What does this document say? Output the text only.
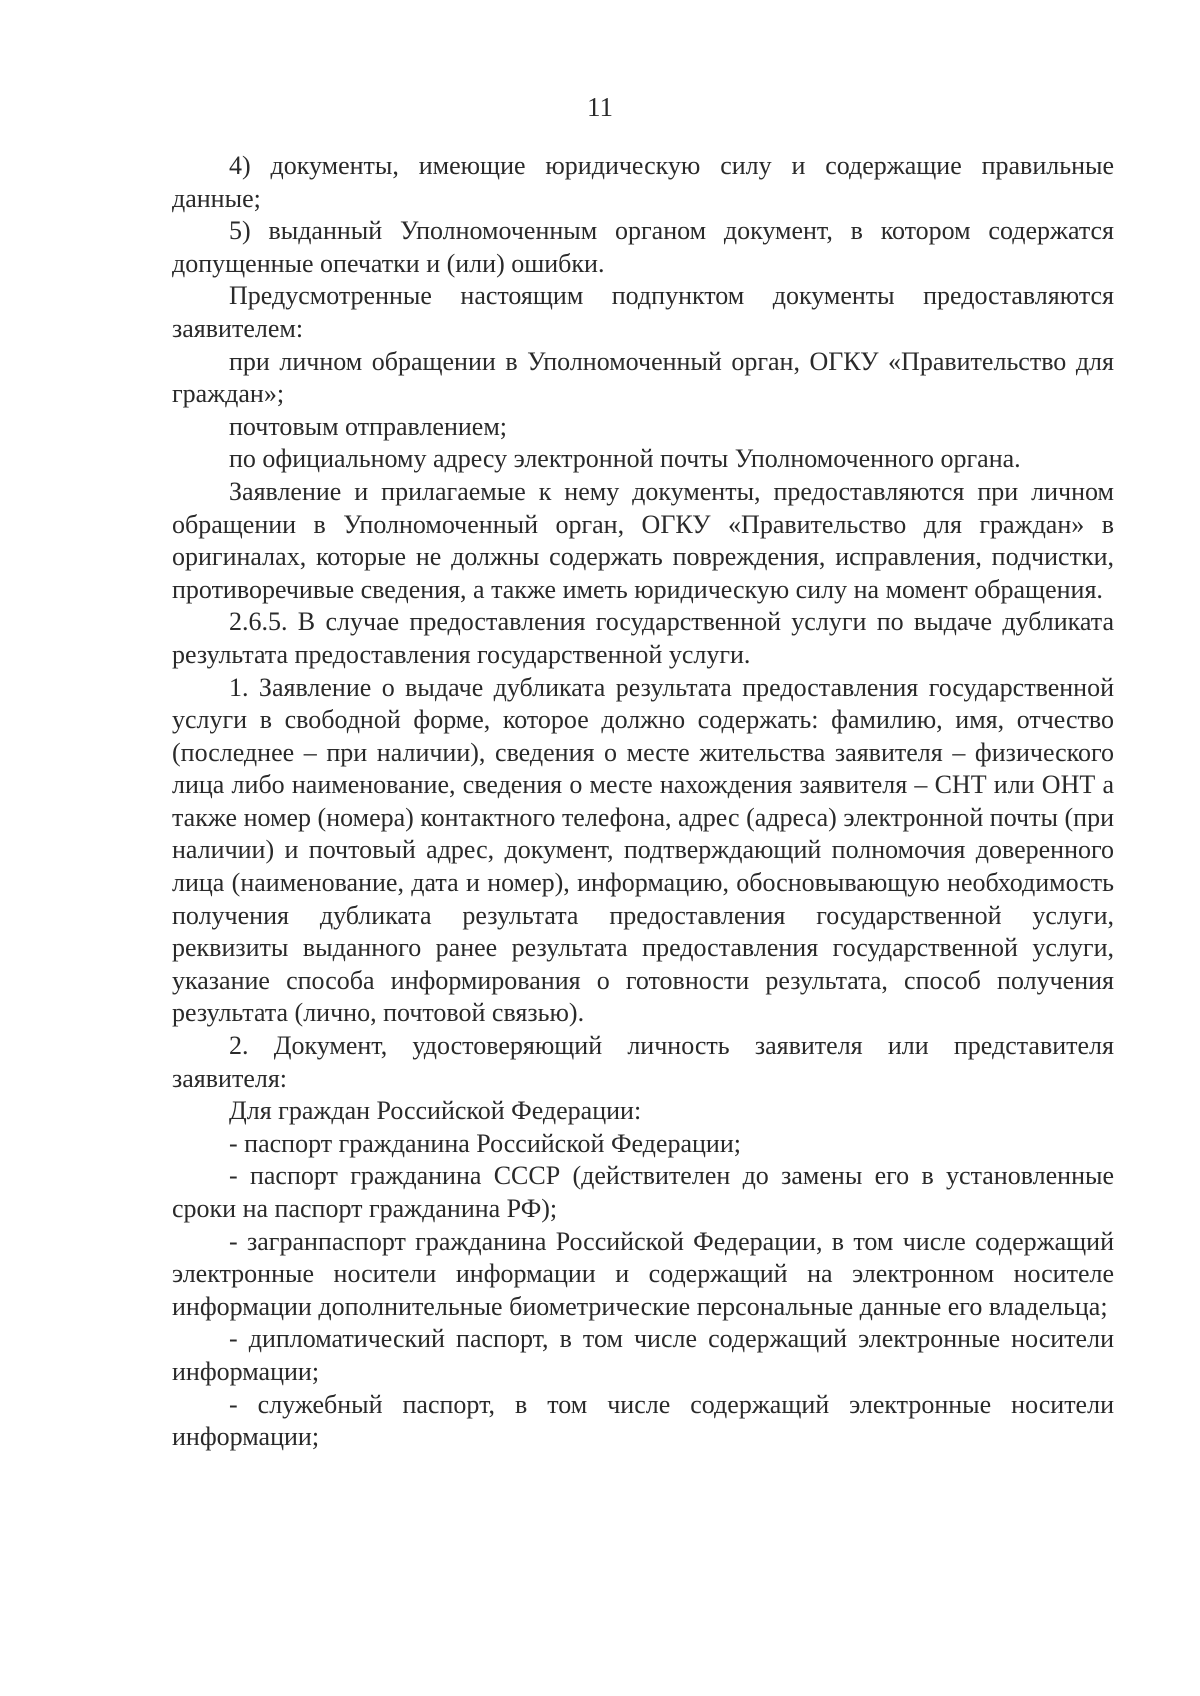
11

4) документы, имеющие юридическую силу и содержащие правильные данные;

5) выданный Уполномоченным органом документ, в котором содержатся допущенные опечатки и (или) ошибки.

Предусмотренные настоящим подпунктом документы предоставляются заявителем:

при личном обращении в Уполномоченный орган, ОГКУ «Правительство для граждан»;

почтовым отправлением;

по официальному адресу электронной почты Уполномоченного органа.

Заявление и прилагаемые к нему документы, предоставляются при личном обращении в Уполномоченный орган, ОГКУ «Правительство для граждан» в оригиналах, которые не должны содержать повреждения, исправления, подчистки, противоречивые сведения, а также иметь юридическую силу на момент обращения.

2.6.5. В случае предоставления государственной услуги по выдаче дубликата результата предоставления государственной услуги.

1. Заявление о выдаче дубликата результата предоставления государственной услуги в свободной форме, которое должно содержать: фамилию, имя, отчество (последнее – при наличии), сведения о месте жительства заявителя – физического лица либо наименование, сведения о месте нахождения заявителя – СНТ или ОНТ а также номер (номера) контактного телефона, адрес (адреса) электронной почты (при наличии) и почтовый адрес, документ, подтверждающий полномочия доверенного лица (наименование, дата и номер), информацию, обосновывающую необходимость получения дубликата результата предоставления государственной услуги, реквизиты выданного ранее результата предоставления государственной услуги, указание способа информирования о готовности результата, способ получения результата (лично, почтовой связью).

2. Документ, удостоверяющий личность заявителя или представителя заявителя:

Для граждан Российской Федерации:

- паспорт гражданина Российской Федерации;

- паспорт гражданина СССР (действителен до замены его в установленные сроки на паспорт гражданина РФ);

- загранпаспорт гражданина Российской Федерации, в том числе содержащий электронные носители информации и содержащий на электронном носителе информации дополнительные биометрические персональные данные его владельца;

- дипломатический паспорт, в том числе содержащий электронные носители информации;

- служебный паспорт, в том числе содержащий электронные носители информации;
